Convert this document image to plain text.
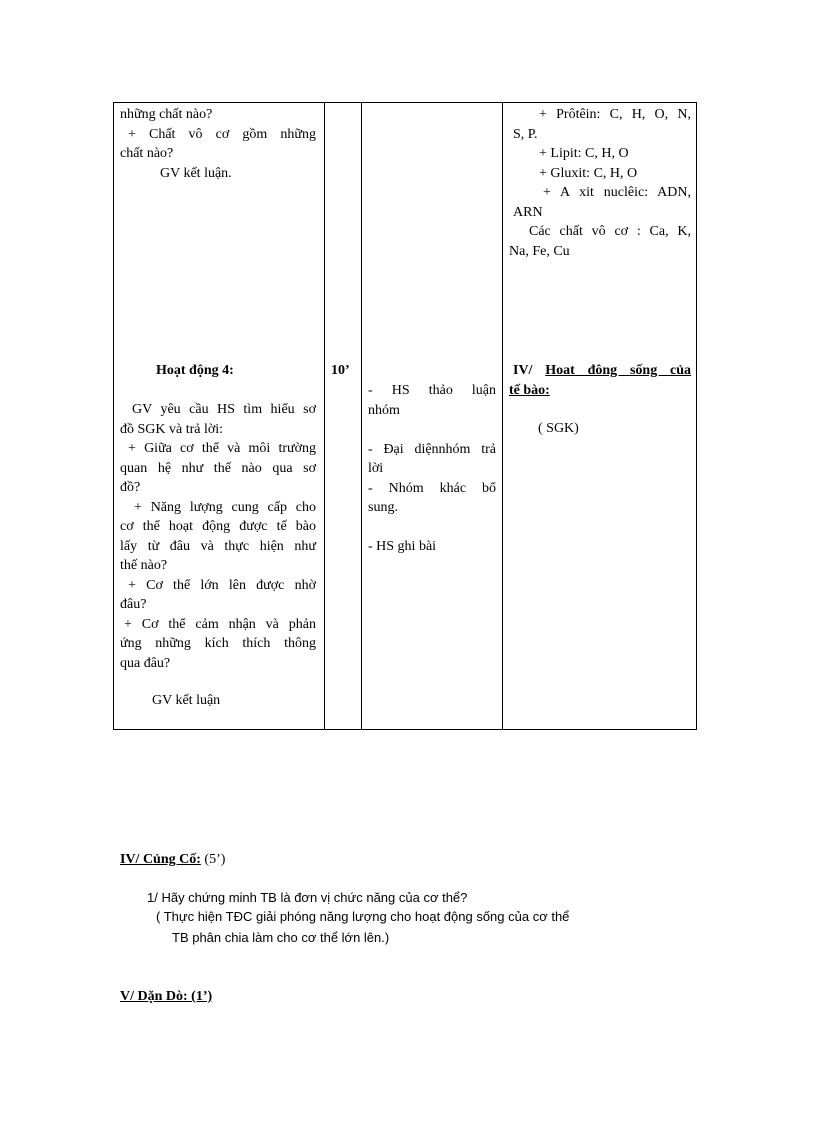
những chất nào?
+ Chất vô cơ gồm những
chất nào?
GV kết luận.
+ Prôtêin: C, H, O, N,
S, P.
+ Lipit: C, H, O
+ Gluxit: C, H, O
+ A xit nuclêic: ADN,
ARN
Các chất vô cơ : Ca, K,
Na, Fe, Cu
Hoạt động 4:	10’
GV yêu cầu HS tìm hiểu sơ
đồ SGK và trả lời:
+ Giữa cơ thể và môi trường
quan hệ như thế nào qua sơ
đồ?
+ Năng lượng cung cấp cho
cơ thể hoạt động được tế bào
lấy từ đâu và thực hiện như
thế nào?
+ Cơ thể lớn lên được nhờ
đâu?
+ Cơ thể cảm nhận và phản
ứng những kích thích thông
qua đâu?
GV kết luận
- HS thảo luận
nhóm
- Đại diệnnhóm trả
lời
- Nhóm khác bổ
sung.
- HS ghi bài
IV/ Hoat đông sống của
tế bào:
( SGK)
IV/ Củng Cố: (5’)
1/ Hãy chứng minh TB là đơn vị chức năng của cơ thể?
( Thực hiện TĐC giải phóng năng lượng cho hoạt động sống của cơ thể
TB phân chia làm cho cơ thể lớn lên.)
V/ Dặn Dò: (1’)
